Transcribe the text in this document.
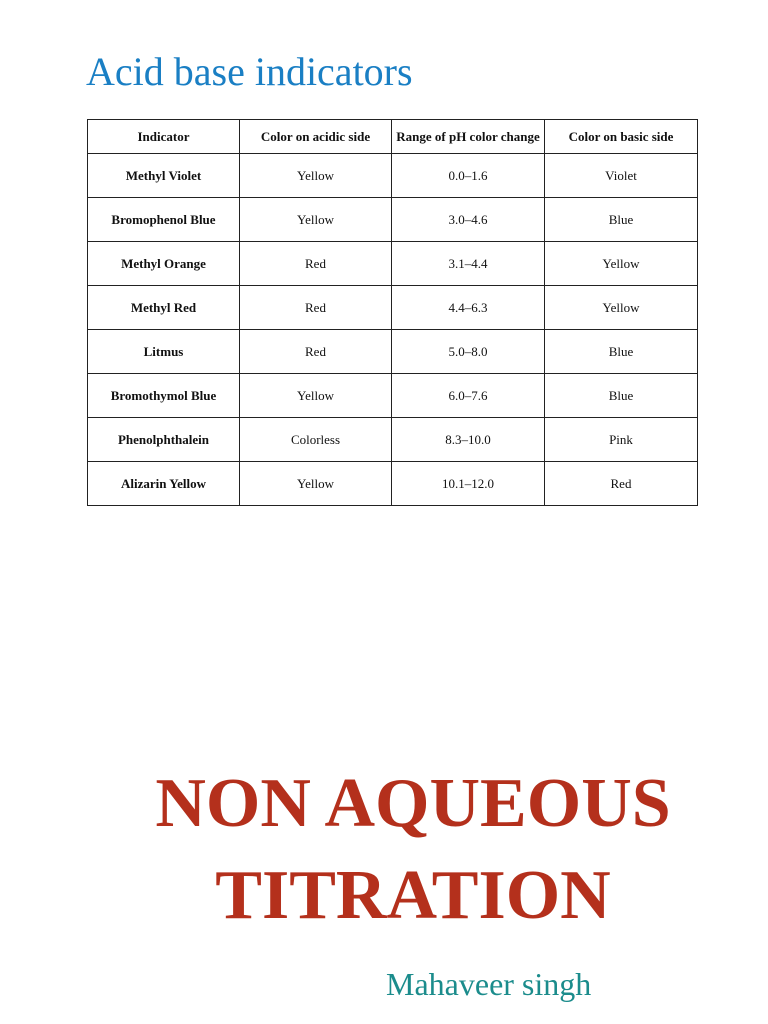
Acid base indicators
Indicator	Color on acidic side	Range of pH color change	Color on basic side
Methyl Violet	Yellow	0.0–1.6	Violet
Bromophenol Blue	Yellow	3.0–4.6	Blue
Methyl Orange	Red	3.1–4.4	Yellow
Methyl Red	Red	4.4–6.3	Yellow
Litmus	Red	5.0–8.0	Blue
Bromothymol Blue	Yellow	6.0–7.6	Blue
Phenolphthalein	Colorless	8.3–10.0	Pink
Alizarin Yellow	Yellow	10.1–12.0	Red
NON AQUEOUS
TITRATION
Mahaveer singh
